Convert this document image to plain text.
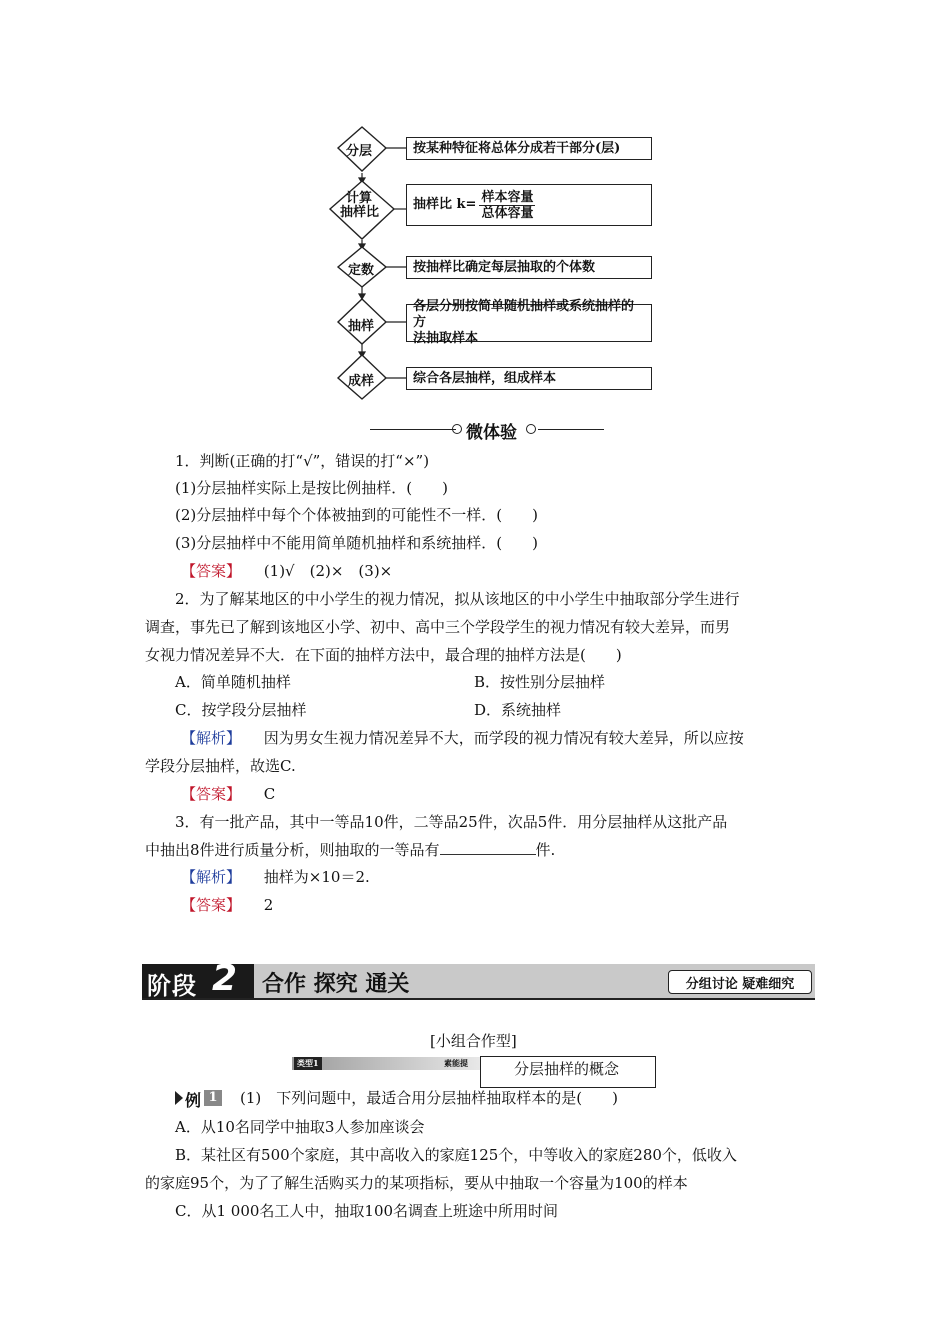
分层
计算
抽样比
定数
抽样
成样
按某种特征将总体分成若干部分(层)
抽样比 $k= \frac{\text{样本容量}}{\text{总体容量}}$
按抽样比确定每层抽取的个体数
各层分别按简单随机抽样或系统抽样的方
法抽取样本
综合各层抽样，组成样本
微体验
1．判断(正确的打“√”，错误的打“×”)
(1)分层抽样实际上是按比例抽样．(　　)
(2)分层抽样中每个个体被抽到的可能性不一样．(　　)
(3)分层抽样中不能用简单随机抽样和系统抽样．(　　)
【答案】 (1)√　(2)×　(3)×
2．为了解某地区的中小学生的视力情况，拟从该地区的中小学生中抽取部分学生进行
调查，事先已了解到该地区小学、初中、高中三个学段学生的视力情况有较大差异，而男
女视力情况差异不大．在下面的抽样方法中，最合理的抽样方法是(　　)
A．简单随机抽样	B．按性别分层抽样
C．按学段分层抽样	D．系统抽样
【解析】 因为男女生视力情况差异不大，而学段的视力情况有较大差异，所以应按
学段分层抽样，故选C.
【答案】 C
3．有一批产品，其中一等品10件，二等品25件，次品5件．用分层抽样从这批产品
中抽出8件进行质量分析，则抽取的一等品有	件.
【解析】 抽样为×10＝2.
【答案】 2
阶段 2 合作 探究 通关	分组讨论 疑难细究
[小组合作型]
类型1	素能提	分层抽样的概念
例 1 (1)　下列问题中，最适合用分层抽样抽取样本的是(　　)
A．从10名同学中抽取3人参加座谈会
B．某社区有500个家庭，其中高收入的家庭125个，中等收入的家庭280个，低收入
的家庭95个，为了了解生活购买力的某项指标，要从中抽取一个容量为100的样本
C．从1 000名工人中，抽取100名调查上班途中所用时间
